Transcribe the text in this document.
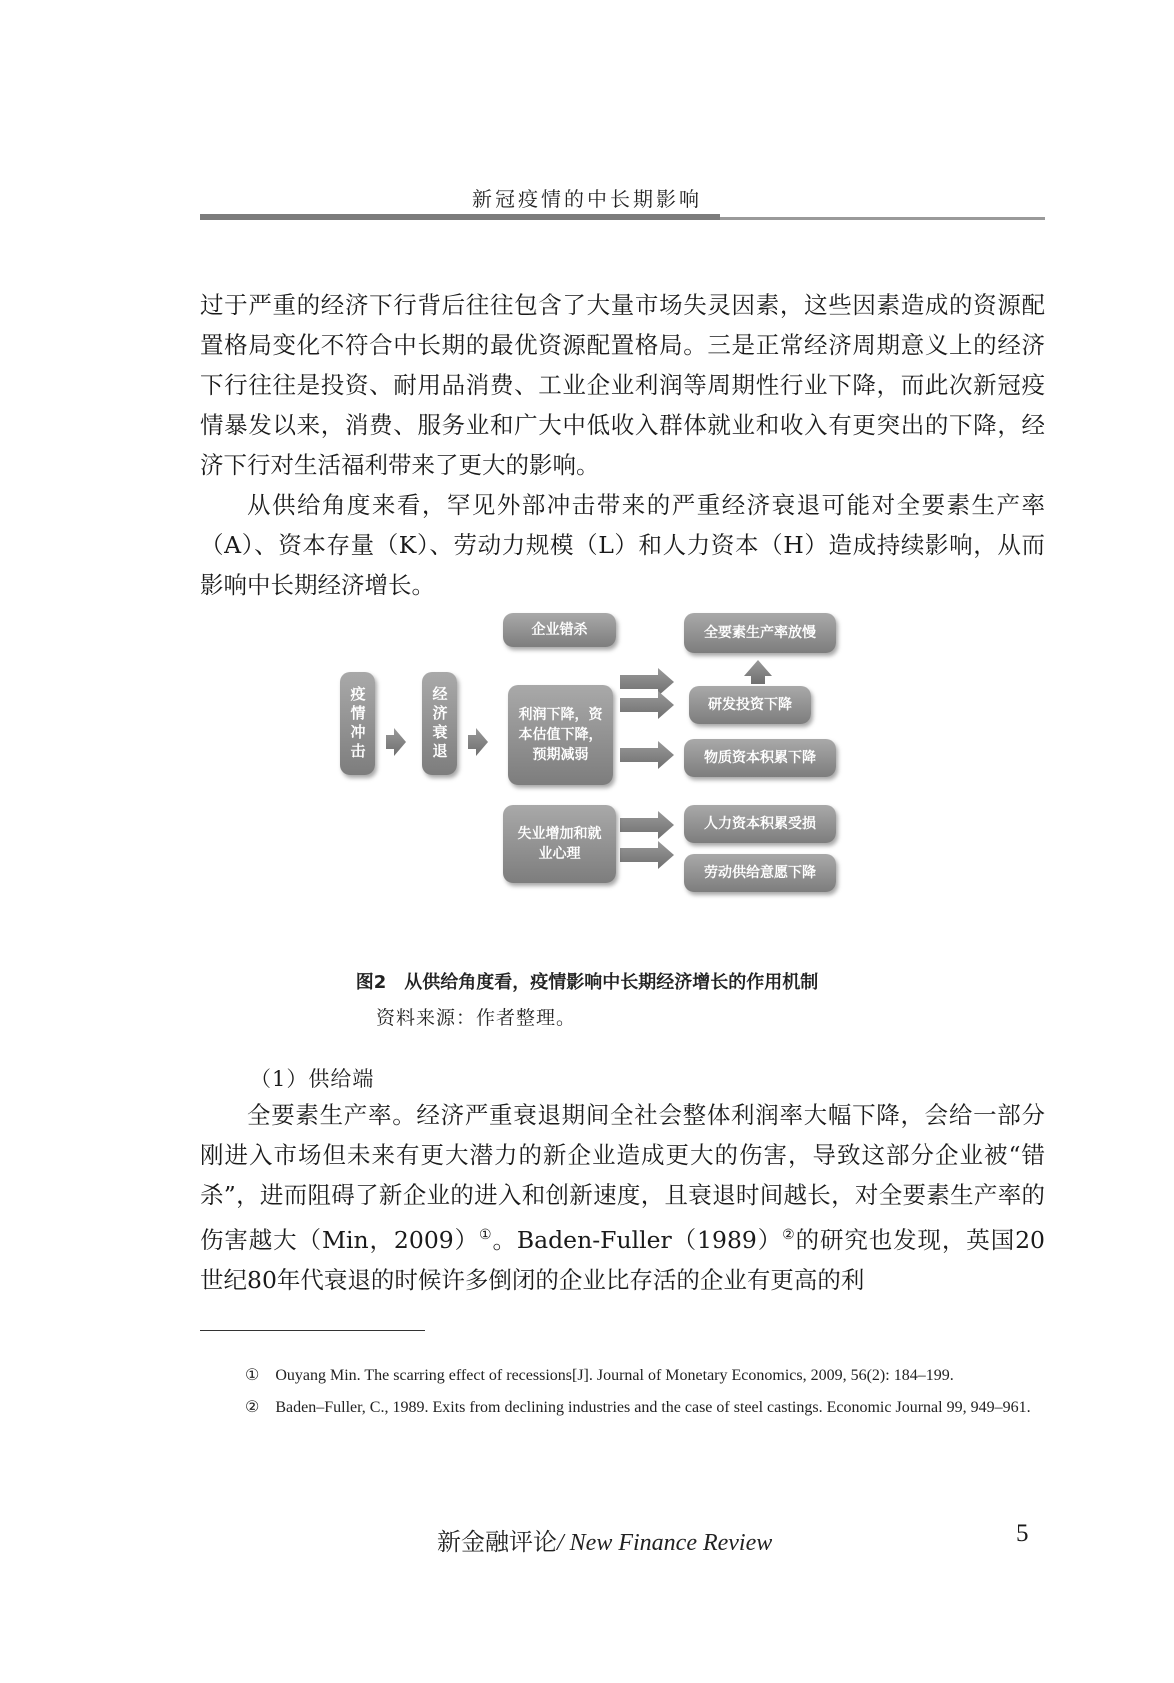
新冠疫情的中长期影响

过于严重的经济下行背后往往包含了大量市场失灵因素，这些因素造成的资源配置格局变化不符合中长期的最优资源配置格局。三是正常经济周期意义上的经济下行往往是投资、耐用品消费、工业企业利润等周期性行业下降，而此次新冠疫情暴发以来，消费、服务业和广大中低收入群体就业和收入有更突出的下降，经济下行对生活福利带来了更大的影响。

从供给角度来看，罕见外部冲击带来的严重经济衰退可能对全要素生产率（A）、资本存量（K）、劳动力规模（L）和人力资本（H）造成持续影响，从而影响中长期经济增长。

疫情冲击	经济衰退
企业错杀
利润下降，资本估值下降，预期减弱
失业增加和就业心理
全要素生产率放慢
研发投资下降
物质资本积累下降
人力资本积累受损
劳动供给意愿下降
图2　从供给角度看，疫情影响中长期经济增长的作用机制
资料来源：作者整理。
（1）供给端

全要素生产率。经济严重衰退期间全社会整体利润率大幅下降，会给一部分刚进入市场但未来有更大潜力的新企业造成更大的伤害，导致这部分企业被“错杀”，进而阻碍了新企业的进入和创新速度，且衰退时间越长，对全要素生产率的伤害越大（Min，2009）①。Baden-Fuller（1989）②的研究也发现，英国20世纪80年代衰退的时候许多倒闭的企业比存活的企业有更高的利

①　Ouyang Min. The scarring effect of recessions[J]. Journal of Monetary Economics, 2009, 56(2): 184–199.

②　Baden–Fuller, C., 1989. Exits from declining industries and the case of steel castings. Economic Journal 99, 949–961.

新金融评论/ New Finance Review	5
